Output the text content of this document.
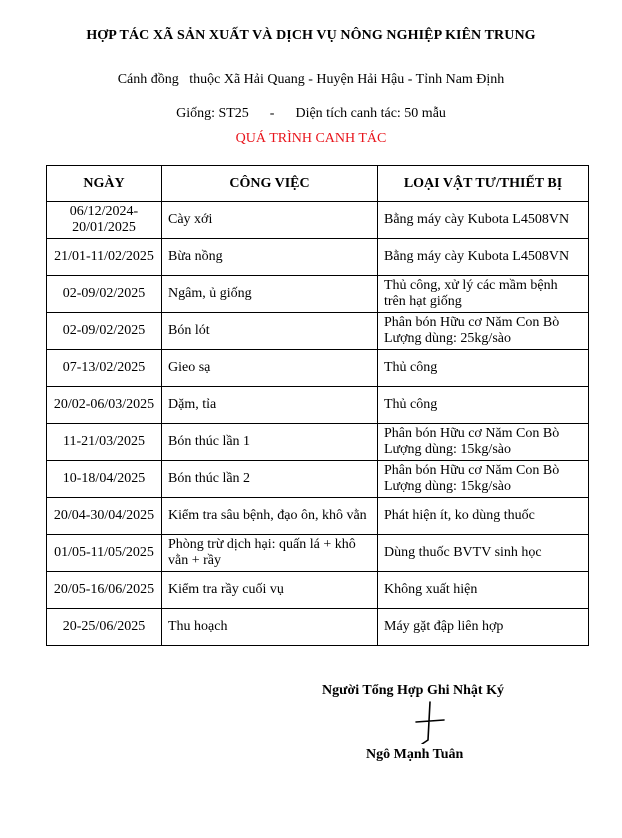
HỢP TÁC XÃ SẢN XUẤT VÀ DỊCH VỤ NÔNG NGHIỆP KIÊN TRUNG
Cánh đồng   thuộc Xã Hải Quang - Huyện Hải Hậu - Tỉnh Nam Định
Giống: ST25      -      Diện tích canh tác: 50 mẫu
QUÁ TRÌNH CANH TÁC
NGÀY	CÔNG VIỆC	LOẠI VẬT TƯ/THIẾT BỊ
06/12/2024-
20/01/2025	Cày xới	Bằng máy cày Kubota L4508VN
21/01-11/02/2025	Bừa nồng	Bằng máy cày Kubota L4508VN
02-09/02/2025	Ngâm, ủ giống	Thủ công, xử lý các mầm bệnh trên hạt giống
02-09/02/2025	Bón lót	Phân bón Hữu cơ Năm Con Bò
Lượng dùng: 25kg/sào
07-13/02/2025	Gieo sạ	Thủ công
20/02-06/03/2025	Dặm, tỉa	Thủ công
11-21/03/2025	Bón thúc lần 1	Phân bón Hữu cơ Năm Con Bò
Lượng dùng: 15kg/sào
10-18/04/2025	Bón thúc lần 2	Phân bón Hữu cơ Năm Con Bò
Lượng dùng: 15kg/sào
20/04-30/04/2025	Kiểm tra sâu bệnh, đạo ôn, khô vằn	Phát hiện ít, ko dùng thuốc
01/05-11/05/2025	Phòng trừ dịch hại: quấn lá + khô vằn + rầy	Dùng thuốc BVTV sinh học
20/05-16/06/2025	Kiểm tra rầy cuối vụ	Không xuất hiện
20-25/06/2025	Thu hoạch	Máy gặt đập liên hợp
Người Tổng Hợp Ghi Nhật Ký
Ngô Mạnh Tuân
